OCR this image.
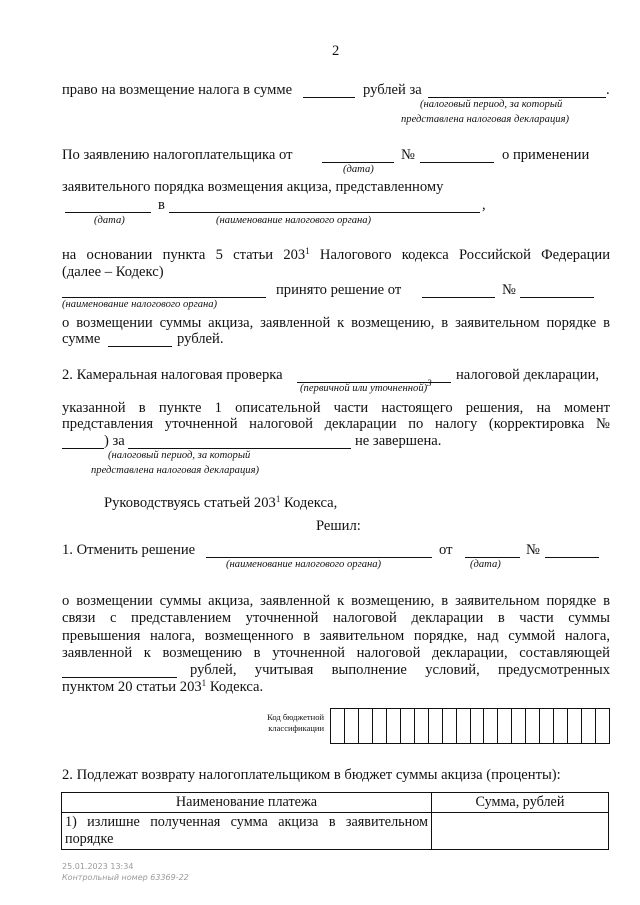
2
право на возмещение налога в сумме	рублей за	.
(налоговый период, за который
представлена налоговая декларация)
По заявлению налогоплательщика от	№	о применении
(дата)
заявительного порядка возмещения акциза, представленному
в	,
(дата)	(наименование налогового органа)
на основании пункта 5 статьи $203^1$ Налогового кодекса Российской Федерации
(далее – Кодекс)
принято решение от	№
(наименование налогового органа)
о возмещении суммы акциза, заявленной к возмещению, в заявительном порядке в
сумме	рублей.
2. Камеральная налоговая проверка	налоговой декларации,
(первичной или уточненной)$^3$
указанной в пункте 1 описательной части настоящего решения, на момент
представления уточненной налоговой декларации по налогу (корректировка №
) за	не завершена.
(налоговый период, за который
представлена налоговая декларация)
Руководствуясь статьей $203^1$ Кодекса,
Решил:
1. Отменить решение	от	№
(наименование налогового органа)	(дата)
о возмещении суммы акциза, заявленной к возмещению, в заявительном порядке в
связи с представлением уточненной налоговой декларации в части суммы
превышения налога, возмещенного в заявительном порядке, над суммой налога,
заявленной к возмещению в уточненной налоговой декларации, составляющей
рублей, учитывая выполнение условий, предусмотренных
пунктом 20 статьи $203^1$ Кодекса.
Код бюджетной
классификации
2. Подлежат возврату налогоплательщиком в бюджет суммы акциза (проценты):
Наименование платежа	Сумма, рублей

1) излишне полученная сумма акциза в заявительном
порядке	

25.01.2023 13:34
Контрольный номер 63369-22
